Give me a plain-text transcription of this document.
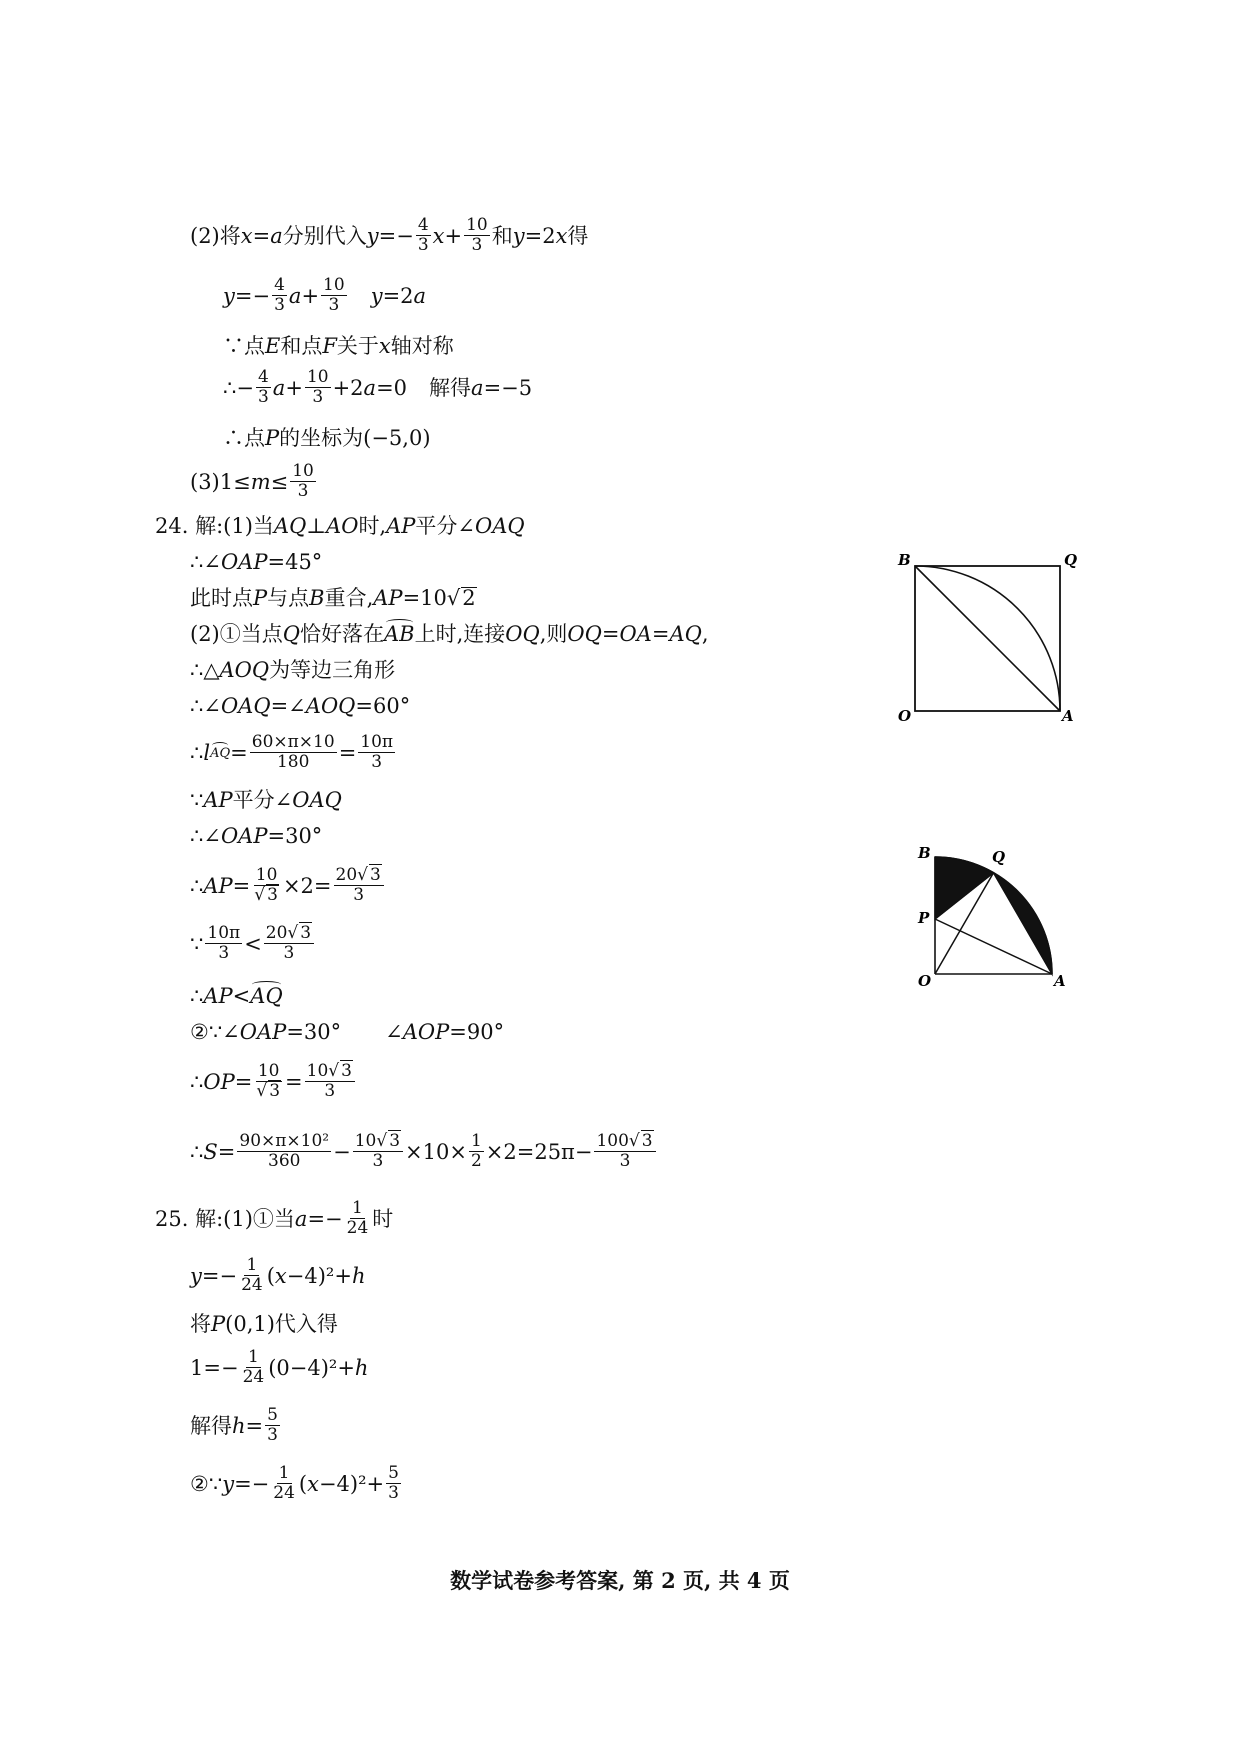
(2)将 x = a 分别代入 $y =- \frac{4}{3}$ $x + \frac{10}{3}$ 和 y =2 x 得
$y =- \frac{4}{3}$ $a + \frac{10}{3}$ y =2 a
∵点 E 和点 F 关于 x 轴对称
∴− $\frac{4}{3}$ $a + \frac{10}{3} +2$ a =0 解得 a =−5
∴点 P 的坐标为(−5,0)
$(3)1\le m \le \frac{10}{3}$
24. 解:(1)当 AQ ⊥ AO 时, AP 平分∠ OAQ
∴∠ OAP =45°
此时点 P 与点 B 重合, AP =10√ 2
(2)①当点 Q 恰好落在 AB 上时,连接 OQ ,则 OQ = OA = AQ ,
∴△ AOQ 为等边三角形
∴∠ OAQ =∠ AOQ =60°
∴ l AQ = $\frac{60\times\pi\times 10}{180} = \frac{10\pi}{3}$
∵ AP 平分∠ OAQ
∴∠ OAP =30°
∴ AP = $\frac{10}{√ 3} \times 2= \frac{20√ 3}{3}$
∵ $\frac{10\pi}{3} < \frac{20√ 3}{3}$
∴ AP < AQ
②∵∠ OAP =30° ∠ AOP =90°
∴ OP = $\frac{10}{√ 3} = \frac{10√ 3}{3}$
∴ $S = \frac{\text{90×π×10²}}{360} - \frac{10√ 3}{3} \times 10\times \frac{1}{2} \times 2=25\pi- \frac{100√ 3}{3}$
25. 解:(1)①当 $a =- \frac{1}{24}$ 时
$y =- \frac{1}{24}$ ( x −4)²+ h
将 P (0,1)代入得
$1=- \frac{1}{24} (0-4)^2+ h$
解得 $h = \frac{5}{3}$
②∵ $y =- \frac{1}{24}$ ( $x -4)^2+ \frac{5}{3}$
B	Q
O	A
B	Q
P
O	A
数学试卷参考答案, 第 2 页, 共 4 页
